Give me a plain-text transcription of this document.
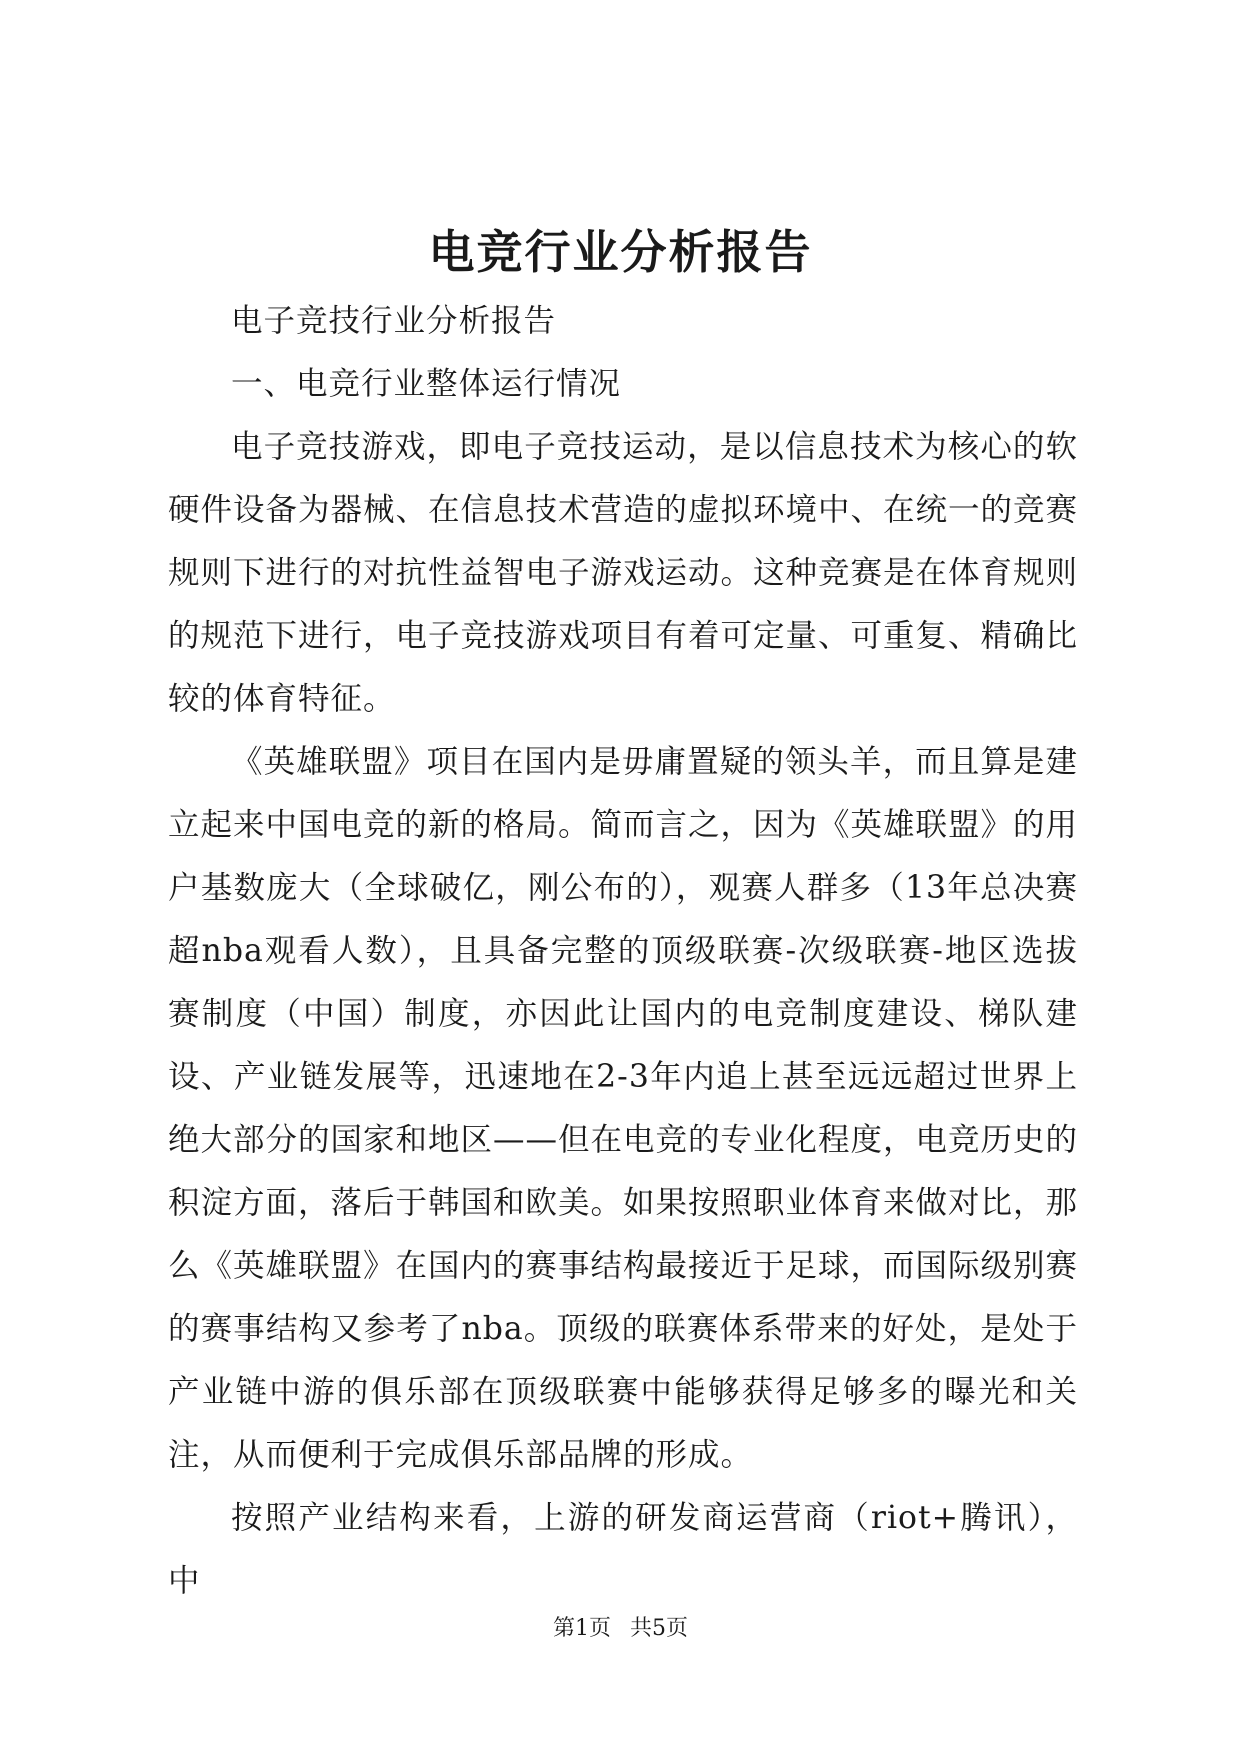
电竞行业分析报告

电子竞技行业分析报告

一、电竞行业整体运行情况

电子竞技游戏，即电子竞技运动，是以信息技术为核心的软硬件设备为器械、在信息技术营造的虚拟环境中、在统一的竞赛规则下进行的对抗性益智电子游戏运动。这种竞赛是在体育规则的规范下进行，电子竞技游戏项目有着可定量、可重复、精确比较的体育特征。

《英雄联盟》项目在国内是毋庸置疑的领头羊，而且算是建立起来中国电竞的新的格局。简而言之，因为《英雄联盟》的用户基数庞大（全球破亿，刚公布的），观赛人群多（13年总决赛超nba观看人数），且具备完整的顶级联赛-次级联赛-地区选拔赛制度（中国）制度，亦因此让国内的电竞制度建设、梯队建设、产业链发展等，迅速地在2-3年内追上甚至远远超过世界上绝大部分的国家和地区——但在电竞的专业化程度，电竞历史的积淀方面，落后于韩国和欧美。如果按照职业体育来做对比，那么《英雄联盟》在国内的赛事结构最接近于足球，而国际级别赛的赛事结构又参考了nba。顶级的联赛体系带来的好处，是处于产业链中游的俱乐部在顶级联赛中能够获得足够多的曝光和关注，从而便利于完成俱乐部品牌的形成。

按照产业结构来看，上游的研发商运营商（riot+腾讯），中

第1页 共5页
